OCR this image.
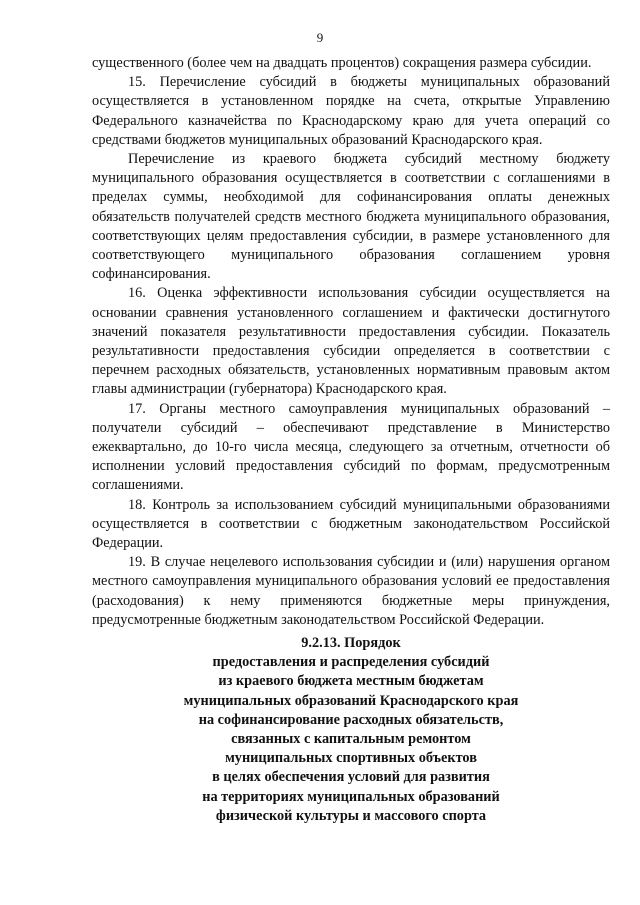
9

существенного (более чем на двадцать процентов) сокращения размера субсидии.

15. Перечисление субсидий в бюджеты муниципальных образований осуществляется в установленном порядке на счета, открытые Управлению Федерального казначейства по Краснодарскому краю для учета операций со средствами бюджетов муниципальных образований Краснодарского края.

Перечисление из краевого бюджета субсидий местному бюджету муниципального образования осуществляется в соответствии с соглашениями в пределах суммы, необходимой для софинансирования оплаты денежных обязательств получателей средств местного бюджета муниципального образования, соответствующих целям предоставления субсидии, в размере установленного для соответствующего муниципального образования соглашением уровня софинансирования.

16. Оценка эффективности использования субсидии осуществляется на основании сравнения установленного соглашением и фактически достигнутого значений показателя результативности предоставления субсидии. Показатель результативности предоставления субсидии определяется в соответствии с перечнем расходных обязательств, установленных нормативным правовым актом главы администрации (губернатора) Краснодарского края.

17. Органы местного самоуправления муниципальных образований – получатели субсидий – обеспечивают представление в Министерство ежеквартально, до 10-го числа месяца, следующего за отчетным, отчетности об исполнении условий предоставления субсидий по формам, предусмотренным соглашениями.

18. Контроль за использованием субсидий муниципальными образованиями осуществляется в соответствии с бюджетным законодательством Российской Федерации.

19. В случае нецелевого использования субсидии и (или) нарушения органом местного самоуправления муниципального образования условий ее предоставления (расходования) к нему применяются бюджетные меры принуждения, предусмотренные бюджетным законодательством Российской Федерации.

9.2.13. Порядок
предоставления и распределения субсидий
из краевого бюджета местным бюджетам
муниципальных образований Краснодарского края
на софинансирование расходных обязательств,
связанных с капитальным ремонтом
муниципальных спортивных объектов
в целях обеспечения условий для развития
на территориях муниципальных образований
физической культуры и массового спорта
